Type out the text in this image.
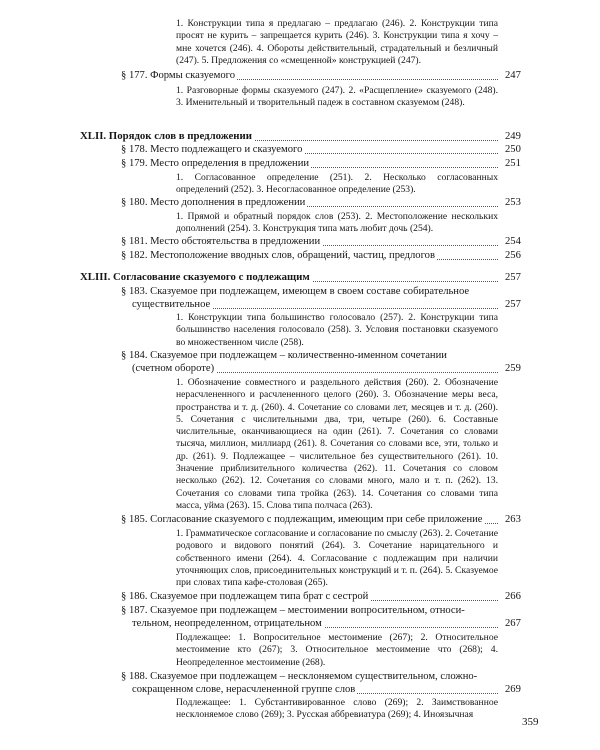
1. Конструкции типа я предлагаю – предлагаю (246). 2. Конструкции типа просят не курить – запрещается курить (246). 3. Конструкции типа я хочу – мне хочется (246). 4. Обороты действительный, страдательный и безличный (247). 5. Предложения со «смещенной» конструкцией (247).
§ 177. Формы сказуемого	247
1. Разговорные формы сказуемого (247). 2. «Расщепление» сказуемого (248). 3. Именительный и творительный падеж в составном сказуемом (248).
XLII. Порядок слов в предложении	249
§ 178. Место подлежащего и сказуемого	250
§ 179. Место определения в предложении	251
1. Согласованное определение (251). 2. Несколько согласованных определений (252). 3. Несогласованное определение (253).
§ 180. Место дополнения в предложении	253
1. Прямой и обратный порядок слов (253). 2. Местоположение нескольких дополнений (254). 3. Конструкция типа мать любит дочь (254).
§ 181. Место обстоятельства в предложении	254
§ 182. Местоположение вводных слов, обращений, частиц, предлогов	256
XLIII. Согласование сказуемого с подлежащим	257
§ 183. Сказуемое при подлежащем, имеющем в своем составе собирательное
существительное	257
1. Конструкции типа большинство голосовало (257). 2. Конструкции типа большинство населения голосовало (258). 3. Условия постановки сказуемого во множественном числе (258).
§ 184. Сказуемое при подлежащем – количественно-именном сочетании
(счетном обороте)	259
1. Обозначение совместного и раздельного действия (260). 2. Обозначение нерасчлененного и расчлененного целого (260). 3. Обозначение меры веса, пространства и т. д. (260). 4. Сочетание со словами лет, месяцев и т. д. (260). 5. Сочетания с числительными два, три, четыре (260). 6. Составные числительные, оканчивающиеся на один (261). 7. Сочетания со словами тысяча, миллион, миллиард (261). 8. Сочетания со словами все, эти, только и др. (261). 9. Подлежащее – числительное без существительного (261). 10. Значение приблизительного количества (262). 11. Сочетания со словом несколько (262). 12. Сочетания со словами много, мало и т. п. (262). 13. Сочетания со словами типа тройка (263). 14. Сочетания со словами типа масса, уйма (263). 15. Слова типа полчаса (263).
§ 185. Согласование сказуемого с подлежащим, имеющим при себе приложение	263
1. Грамматическое согласование и согласование по смыслу (263). 2. Сочетание родового и видового понятий (264). 3. Сочетание нарицательного и собственного имени (264). 4. Согласование с подлежащим при наличии уточняющих слов, присоединительных конструкций и т. п. (264). 5. Сказуемое при словах типа кафе-столовая (265).
§ 186. Сказуемое при подлежащем типа брат с сестрой	266
§ 187. Сказуемое при подлежащем – местоимении вопросительном, относи-
тельном, неопределенном, отрицательном	267
Подлежащее: 1. Вопросительное местоимение (267); 2. Относительное местоимение кто (267); 3. Относительное местоимение что (268); 4. Неопределенное местоимение (268).
§ 188. Сказуемое при подлежащем – несклоняемом существительном, сложно-
сокращенном слове, нерасчлененной группе слов	269
Подлежащее: 1. Субстантивированное слово (269); 2. Заимствованное несклоняемое слово (269); 3. Русская аббревиатура (269); 4. Иноязычная
359
